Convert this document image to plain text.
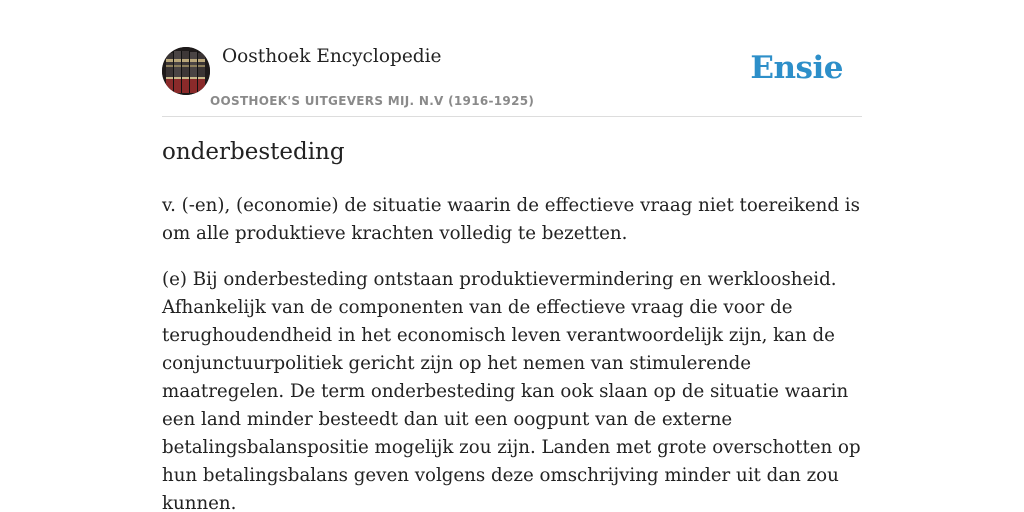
Oosthoek Encyclopedie
OOSTHOEK'S UITGEVERS MIJ. N.V (1916-1925)
Ensie
onderbesteding

v. (-en), (economie) de situatie waarin de effectieve vraag niet toereikend is om alle produktieve krachten volledig te bezetten.

(e) Bij onderbesteding ontstaan produktievermindering en werkloosheid. Afhankelijk van de componenten van de effectieve vraag die voor de terughoudendheid in het economisch leven verantwoordelijk zijn, kan de conjunctuurpolitiek gericht zijn op het nemen van stimulerende maatregelen. De term onderbesteding kan ook slaan op de situatie waarin een land minder besteedt dan uit een oogpunt van de externe betalingsbalanspositie mogelijk zou zijn. Landen met grote overschotten op hun betalingsbalans geven volgens deze omschrijving minder uit dan zou kunnen.
